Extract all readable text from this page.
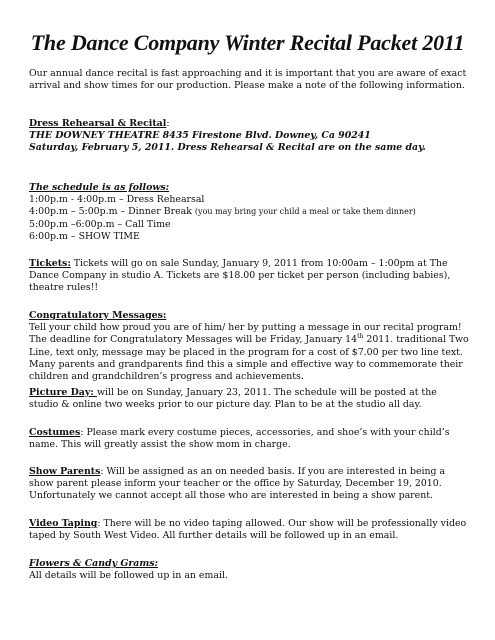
The Dance Company Winter Recital Packet 2011

Our annual dance recital is fast approaching and it is important that you are aware of exact arrival and show times for our production. Please make a note of the following information.

Dress Rehearsal & Recital:

THE DOWNEY THEATRE 8435 Firestone Blvd. Downey, Ca 90241

Saturday, February 5, 2011. Dress Rehearsal & Recital are on the same day.

The schedule is as follows:

1:00p.m - 4:00p.m – Dress Rehearsal

4:00p.m – 5:00p.m – Dinner Break (you may bring your child a meal or take them dinner)

5:00p.m –6:00p.m – Call Time

6:00p.m – SHOW TIME

Tickets: Tickets will go on sale Sunday, January 9, 2011 from 10:00am – 1:00pm at The Dance Company in studio A. Tickets are $18.00 per ticket per person (including babies), theatre rules!!

Congratulatory Messages:

Tell your child how proud you are of him/ her by putting a message in our recital program! The deadline for Congratulatory Messages will be Friday, January 14th 2011. traditional Two Line, text only, message may be placed in the program for a cost of $7.00 per two line text. Many parents and grandparents find this a simple and effective way to commemorate their children and grandchildren’s progress and achievements.

Picture Day: will be on Sunday, January 23, 2011. The schedule will be posted at the studio & online two weeks prior to our picture day. Plan to be at the studio all day.

Costumes: Please mark every costume pieces, accessories, and shoe’s with your child’s name. This will greatly assist the show mom in charge.

Show Parents: Will be assigned as an on needed basis. If you are interested in being a show parent please inform your teacher or the office by Saturday, December 19, 2010. Unfortunately we cannot accept all those who are interested in being a show parent.

Video Taping: There will be no video taping allowed. Our show will be professionally video taped by South West Video. All further details will be followed up in an email.

Flowers & Candy Grams:

All details will be followed up in an email.
